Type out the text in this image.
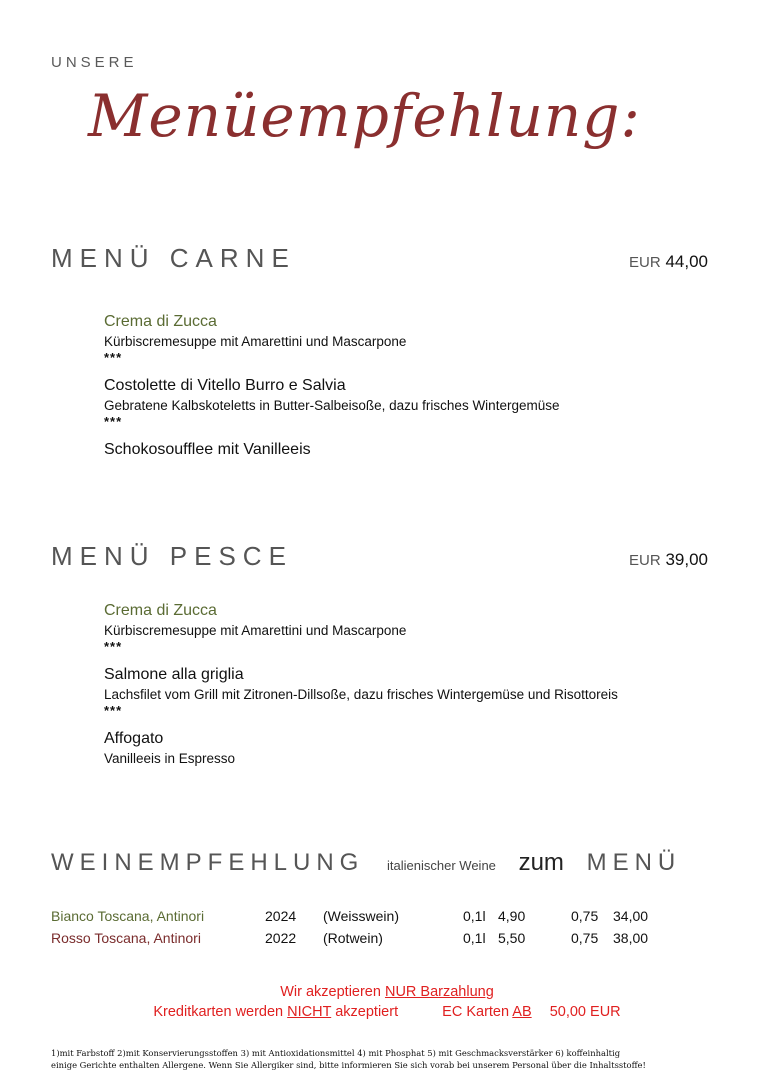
UNSERE
Menüempfehlung:
MENÜ CARNE	EUR 44,00
Crema di Zucca
Kürbiscremesuppe mit Amarettini und Mascarpone
***
Costolette di Vitello Burro e Salvia
Gebratene Kalbskoteletts in Butter-Salbeisoße, dazu frisches Wintergemüse
***
Schokosoufflee mit Vanilleeis
MENÜ PESCE	EUR 39,00
Crema di Zucca
Kürbiscremesuppe mit Amarettini und Mascarpone
***
Salmone alla griglia
Lachsfilet vom Grill mit Zitronen-Dillsoße, dazu frisches Wintergemüse und Risottoreis
***
Affogato
Vanilleeis in Espresso
WEINEMPFEHLUNG italienischer Weine zum MENÜ
Bianco Toscana, Antinori	2024 (Weisswein)	0,1l 4,90	0,75 34,00
Rosso Toscana, Antinori	2022 (Rotwein)	0,1l 5,50	0,75 38,00
Wir akzeptieren NUR Barzahlung
Kreditkarten werden NICHT akzeptiert	EC Karten AB 50,00 EUR
1)mit Farbstoff 2)mit Konservierungsstoffen 3) mit Antioxidationsmittel 4) mit Phosphat 5) mit Geschmacksverstärker 6) koffeinhaltig
einige Gerichte enthalten Allergene. Wenn Sie Allergiker sind, bitte informieren Sie sich vorab bei unserem Personal über die Inhaltsstoffe!
